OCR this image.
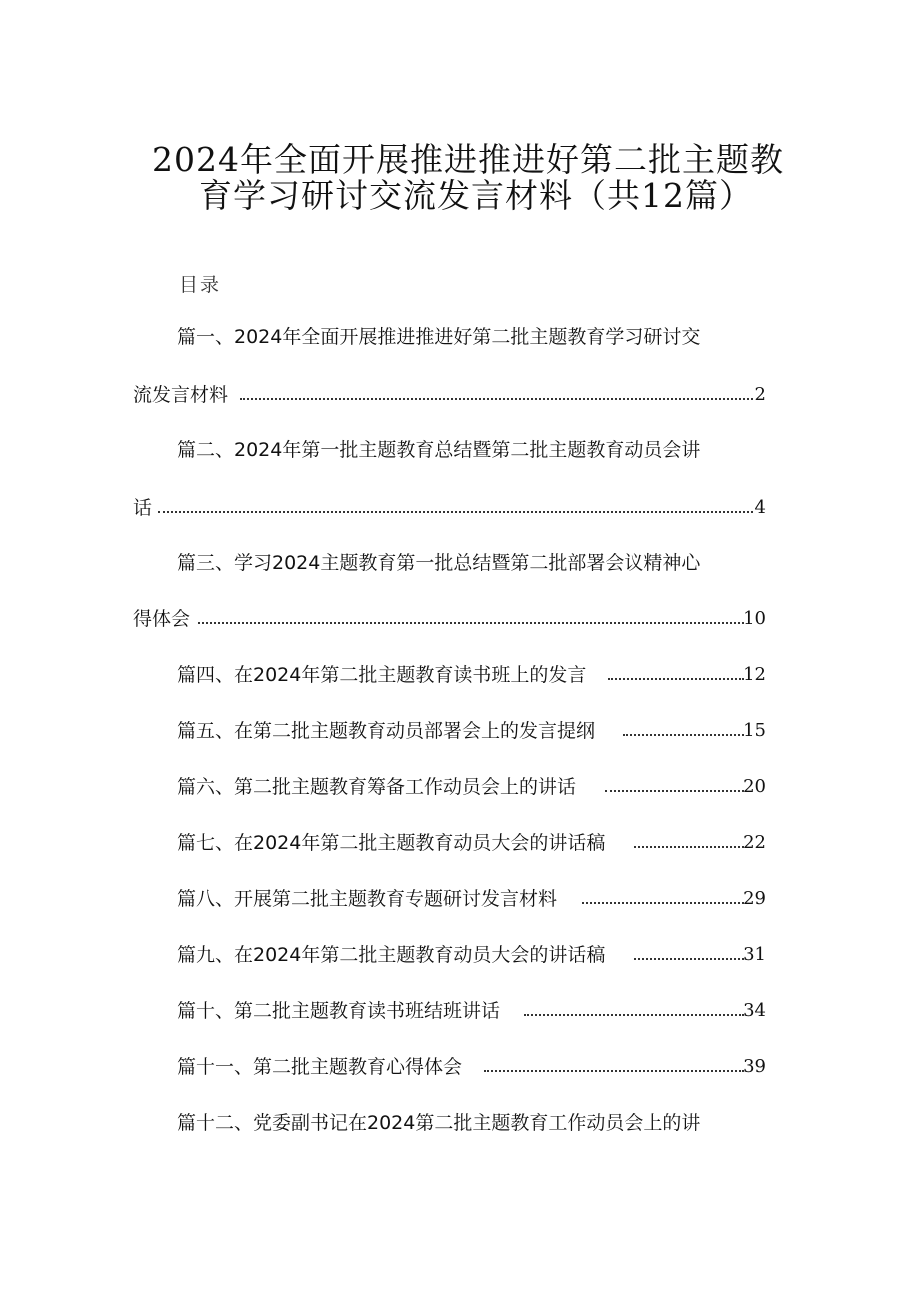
2024年全面开展推进推进好第二批主题教
育学习研讨交流发言材料（共12篇）
目录
篇一、2024年全面开展推进推进好第二批主题教育学习研讨交
流发言材料	2
篇二、2024年第一批主题教育总结暨第二批主题教育动员会讲
话	4
篇三、学习2024主题教育第一批总结暨第二批部署会议精神心
得体会	10
篇四、在2024年第二批主题教育读书班上的发言	12
篇五、在第二批主题教育动员部署会上的发言提纲	15
篇六、第二批主题教育筹备工作动员会上的讲话	20
篇七、在2024年第二批主题教育动员大会的讲话稿	22
篇八、开展第二批主题教育专题研讨发言材料	29
篇九、在2024年第二批主题教育动员大会的讲话稿	31
篇十、第二批主题教育读书班结班讲话	34
篇十一、第二批主题教育心得体会	39
篇十二、党委副书记在2024第二批主题教育工作动员会上的讲
